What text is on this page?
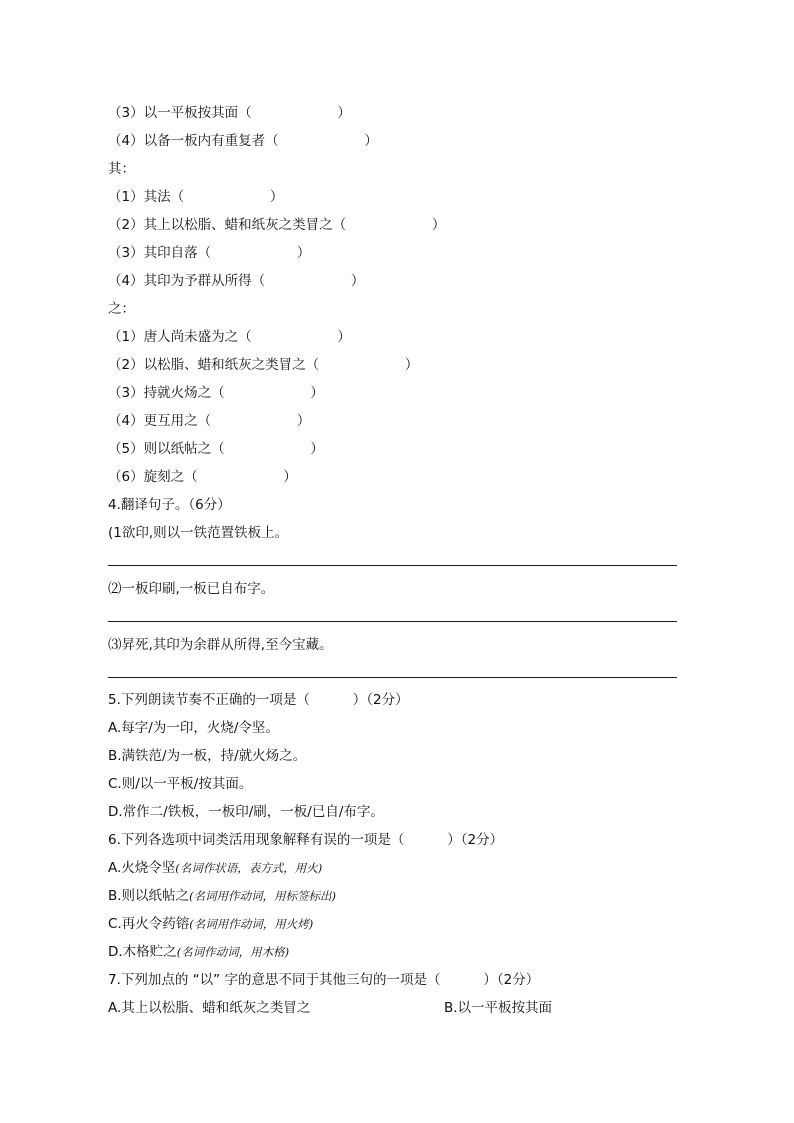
（3）以一平板按其面（                    ）
（4）以备一板内有重复者（                    ）
其：
（1）其法（                    ）
（2）其上以松脂、蜡和纸灰之类冒之（                    ）
（3）其印自落（                    ）
（4）其印为予群从所得（                    ）
之：
（1）唐人尚未盛为之（                    ）
（2）以松脂、蜡和纸灰之类冒之（                    ）
（3）持就火炀之（                    ）
（4）更互用之（                    ）
（5）则以纸帖之（                    ）
（6）旋刻之（                    ）
4.翻译句子。（6分）
(1欲印,则以一铁范置铁板上。
⑵一板印刷,一板已自布字。
⑶昇死,其印为余群从所得,至今宝藏。
5.下列朗读节奏不正确的一项是（          ）（2分）
A.每字/为一印，火烧/令坚。
B.满铁范/为一板，持/就火炀之。
C.则/以一平板/按其面。
D.常作二/铁板，一板印/刷，一板/已自/布字。
6.下列各选项中词类活用现象解释有误的一项是（          ）（2分）
A.火烧令坚(名词作状语，表方式，用火)
B.则以纸帖之(名词用作动词，用标签标出)
C.再火令药镕(名词用作动词，用火烤)
D.木格贮之(名词作动词，用木格)
7.下列加点的 “以” 字的意思不同于其他三句的一项是（          ）（2分）
A.其上以松脂、蜡和纸灰之类冒之	B.以一平板按其面
